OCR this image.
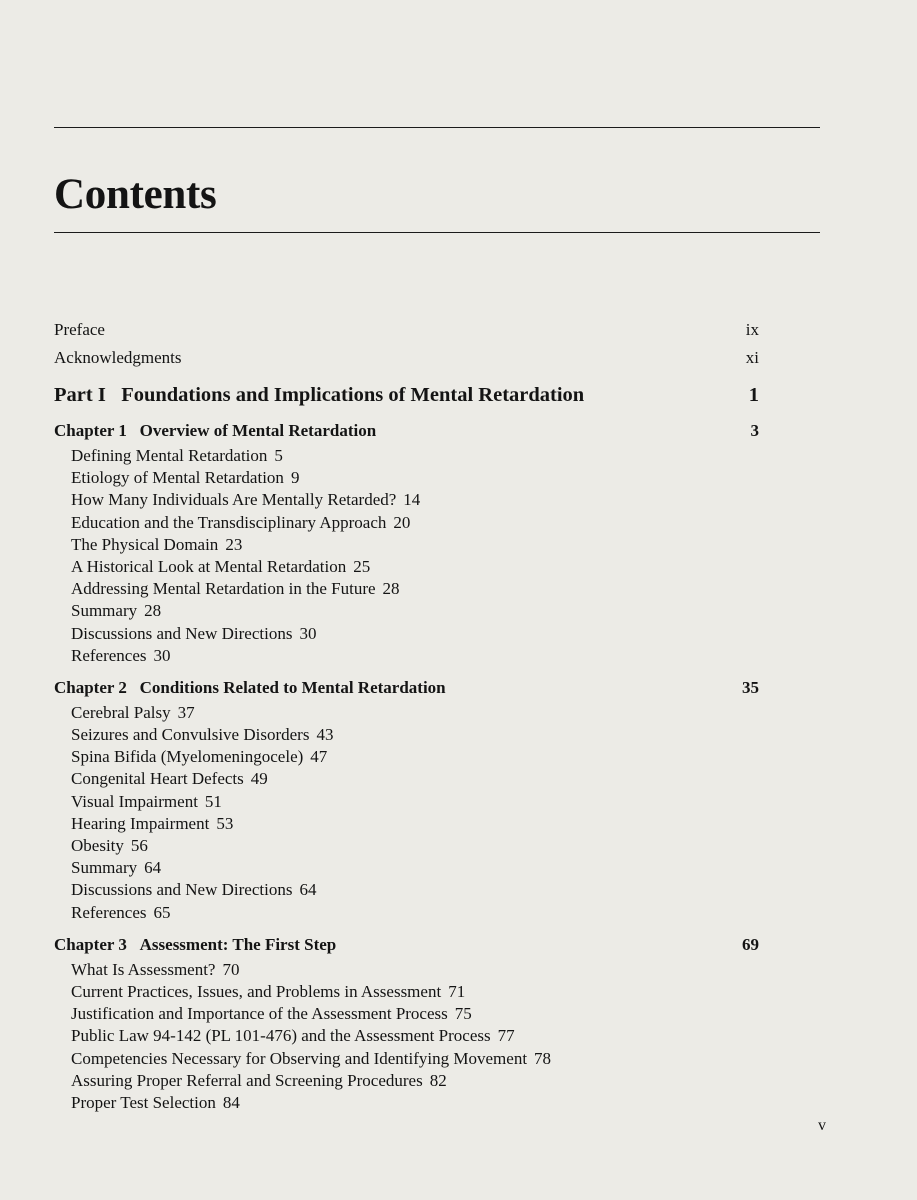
Contents
Preface	ix
Acknowledgments	xi
Part I Foundations and Implications of Mental Retardation	1
Chapter 1 Overview of Mental Retardation	3
Defining Mental Retardation 5
Etiology of Mental Retardation 9
How Many Individuals Are Mentally Retarded? 14
Education and the Transdisciplinary Approach 20
The Physical Domain 23
A Historical Look at Mental Retardation 25
Addressing Mental Retardation in the Future 28
Summary 28
Discussions and New Directions 30
References 30
Chapter 2 Conditions Related to Mental Retardation	35
Cerebral Palsy 37
Seizures and Convulsive Disorders 43
Spina Bifida (Myelomeningocele) 47
Congenital Heart Defects 49
Visual Impairment 51
Hearing Impairment 53
Obesity 56
Summary 64
Discussions and New Directions 64
References 65
Chapter 3 Assessment: The First Step	69
What Is Assessment? 70
Current Practices, Issues, and Problems in Assessment 71
Justification and Importance of the Assessment Process 75
Public Law 94-142 (PL 101-476) and the Assessment Process 77
Competencies Necessary for Observing and Identifying Movement 78
Assuring Proper Referral and Screening Procedures 82
Proper Test Selection 84
v
